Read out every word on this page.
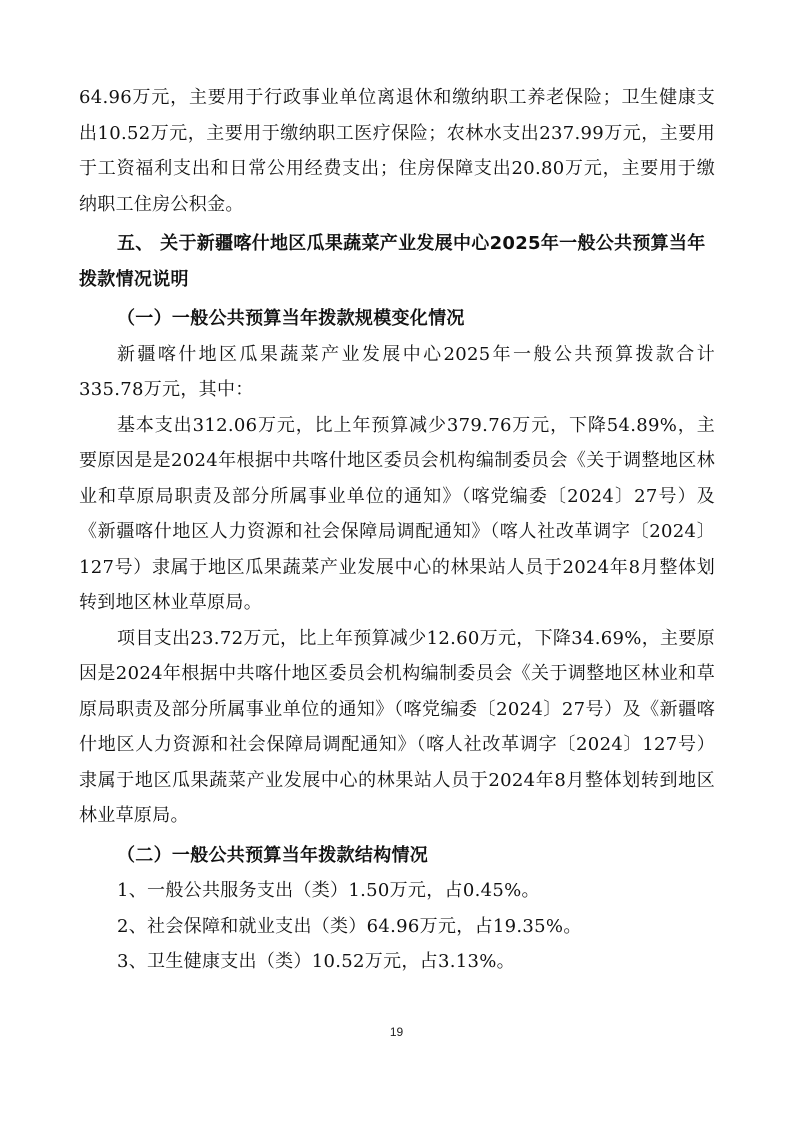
64.96万元，主要用于行政事业单位离退休和缴纳职工养老保险；卫生健康支出10.52万元，主要用于缴纳职工医疗保险；农林水支出237.99万元，主要用于工资福利支出和日常公用经费支出；住房保障支出20.80万元，主要用于缴纳职工住房公积金。

五、 关于新疆喀什地区瓜果蔬菜产业发展中心2025年一般公共预算当年拨款情况说明
（一）一般公共预算当年拨款规模变化情况

新疆喀什地区瓜果蔬菜产业发展中心2025年一般公共预算拨款合计335.78万元，其中：

基本支出312.06万元，比上年预算减少379.76万元，下降54.89%，主要原因是是2024年根据中共喀什地区委员会机构编制委员会《关于调整地区林业和草原局职责及部分所属事业单位的通知》（喀党编委〔2024〕27号）及《新疆喀什地区人力资源和社会保障局调配通知》（喀人社改革调字〔2024〕127号）隶属于地区瓜果蔬菜产业发展中心的林果站人员于2024年8月整体划转到地区林业草原局。

项目支出23.72万元，比上年预算减少12.60万元，下降34.69%，主要原因是2024年根据中共喀什地区委员会机构编制委员会《关于调整地区林业和草原局职责及部分所属事业单位的通知》（喀党编委〔2024〕27号）及《新疆喀什地区人力资源和社会保障局调配通知》（喀人社改革调字〔2024〕127号）隶属于地区瓜果蔬菜产业发展中心的林果站人员于2024年8月整体划转到地区林业草原局。

（二）一般公共预算当年拨款结构情况

1、一般公共服务支出（类）1.50万元，占0.45%。

2、社会保障和就业支出（类）64.96万元，占19.35%。

3、卫生健康支出（类）10.52万元，占3.13%。

19
